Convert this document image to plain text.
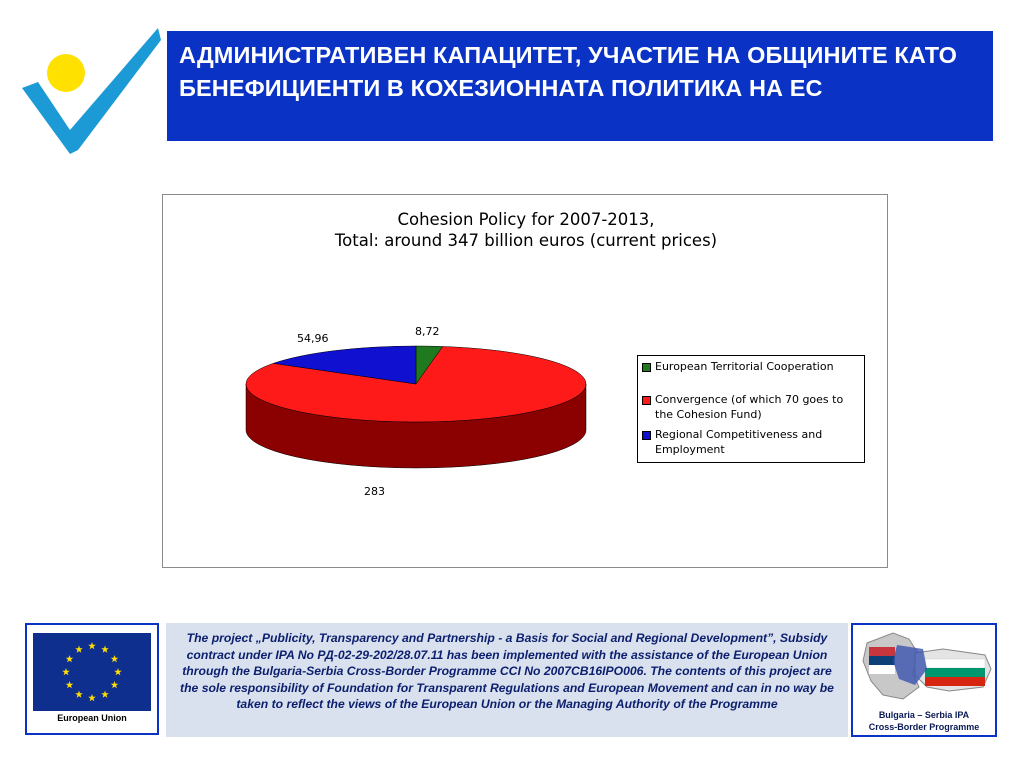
АДМИНИСТРАТИВЕН КАПАЦИТЕТ, УЧАСТИЕ НА ОБЩИНИТЕ КАТО БЕНЕФИЦИЕНТИ В КОХЕЗИОННАТА ПОЛИТИКА НА ЕС
Cohesion Policy for 2007-2013,
Total: around 347 billion euros (current prices)
8,72
283
54,96
European Territorial Cooperation
Convergence (of which 70 goes to the Cohesion Fund)
Regional Competitiveness and Employment
European Union

The project „Publicity, Transparency and Partnership - a Basis for Social and Regional Development”, Subsidy contract under IPA No РД-02-29-202/28.07.11 has been implemented with the assistance of the European Union through the Bulgaria-Serbia Cross-Border Programme CCI No 2007CB16IPO006. The contents of this project are the sole responsibility of Foundation for Transparent Regulations and European Movement and can in no way be taken to reflect the views of the European Union or the Managing Authority of the Programme

Bulgaria – Serbia IPA
Cross-Border Programme
